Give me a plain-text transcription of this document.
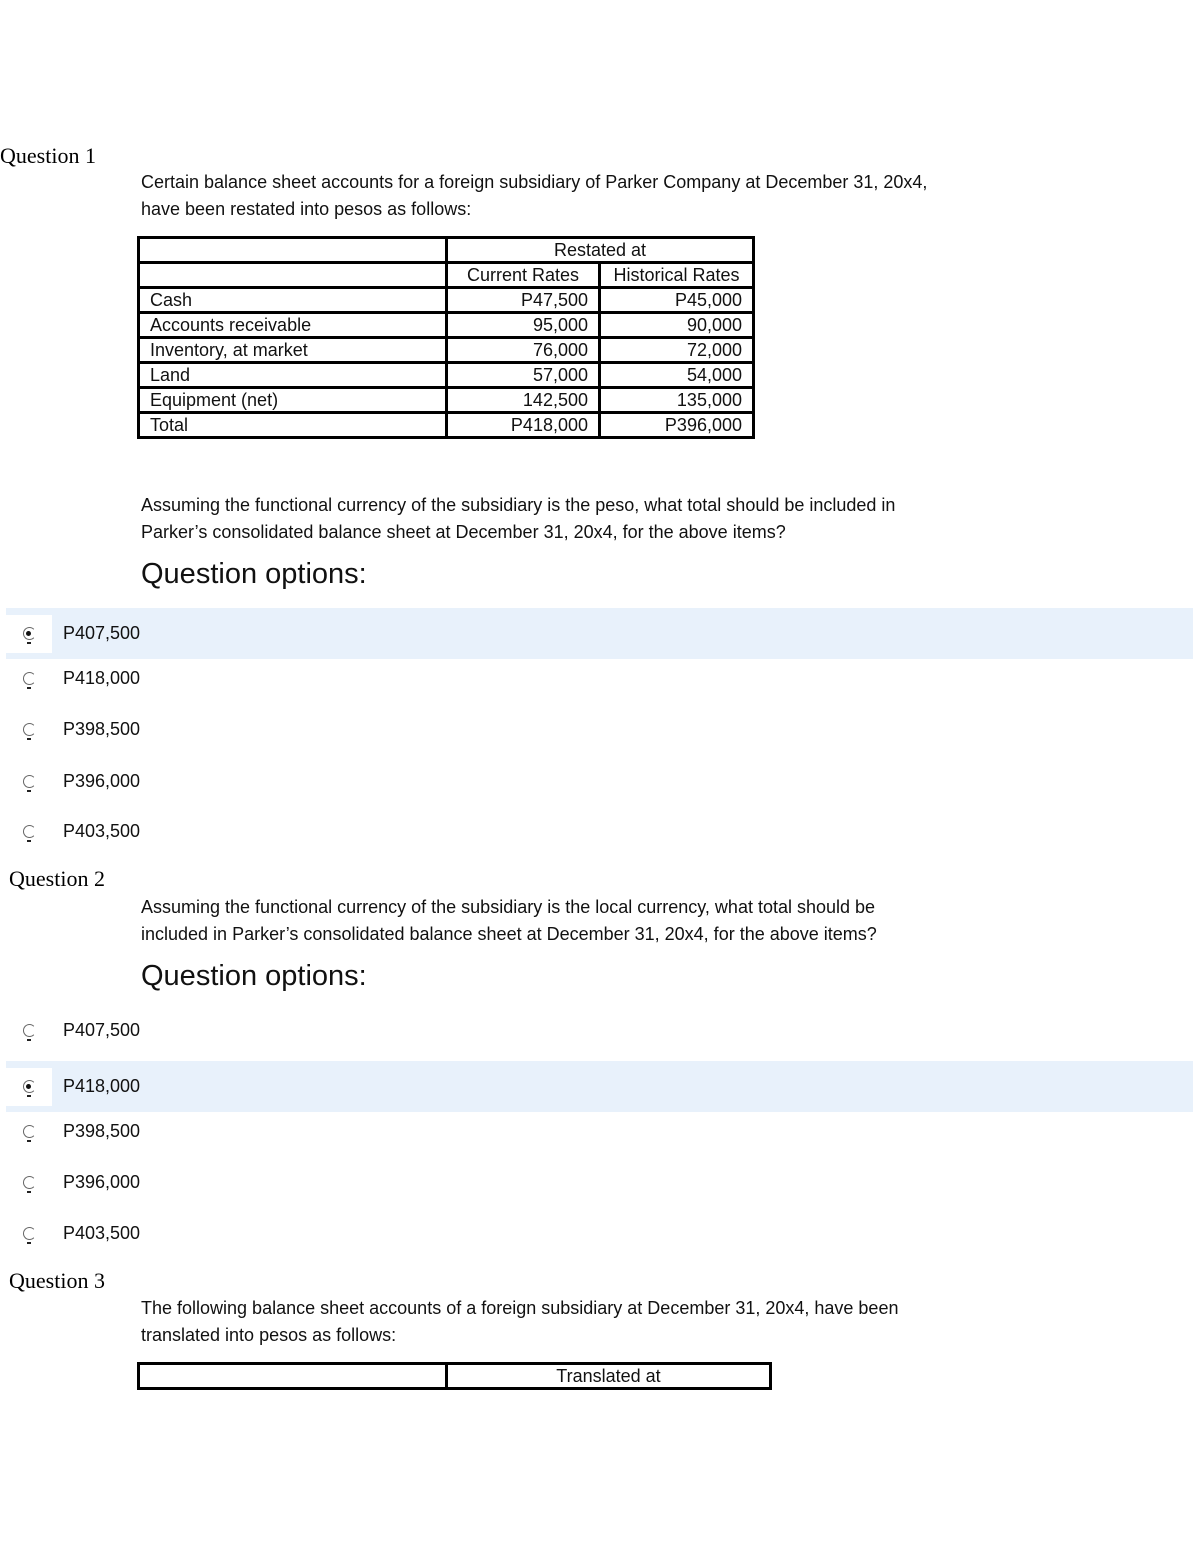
Question 1

Certain balance sheet accounts for a foreign subsidiary of Parker Company at December 31, 20x4,
have been restated into pesos as follows:

	Restated at	
	Current Rates	Historical Rates
Cash	P47,500	P45,000
Accounts receivable	95,000	90,000
Inventory, at market	76,000	72,000
Land	57,000	54,000
Equipment (net)	142,500	135,000
Total	P418,000	P396,000

Assuming the functional currency of the subsidiary is the peso, what total should be included in
Parker’s consolidated balance sheet at December 31, 20x4, for the above items?

Question options:
P407,500
P418,000
P398,500
P396,000
P403,500
Question 2

Assuming the functional currency of the subsidiary is the local currency, what total should be
included in Parker’s consolidated balance sheet at December 31, 20x4, for the above items?

Question options:
P407,500
P418,000
P398,500
P396,000
P403,500
Question 3

The following balance sheet accounts of a foreign subsidiary at December 31, 20x4, have been
translated into pesos as follows:

	Translated at
